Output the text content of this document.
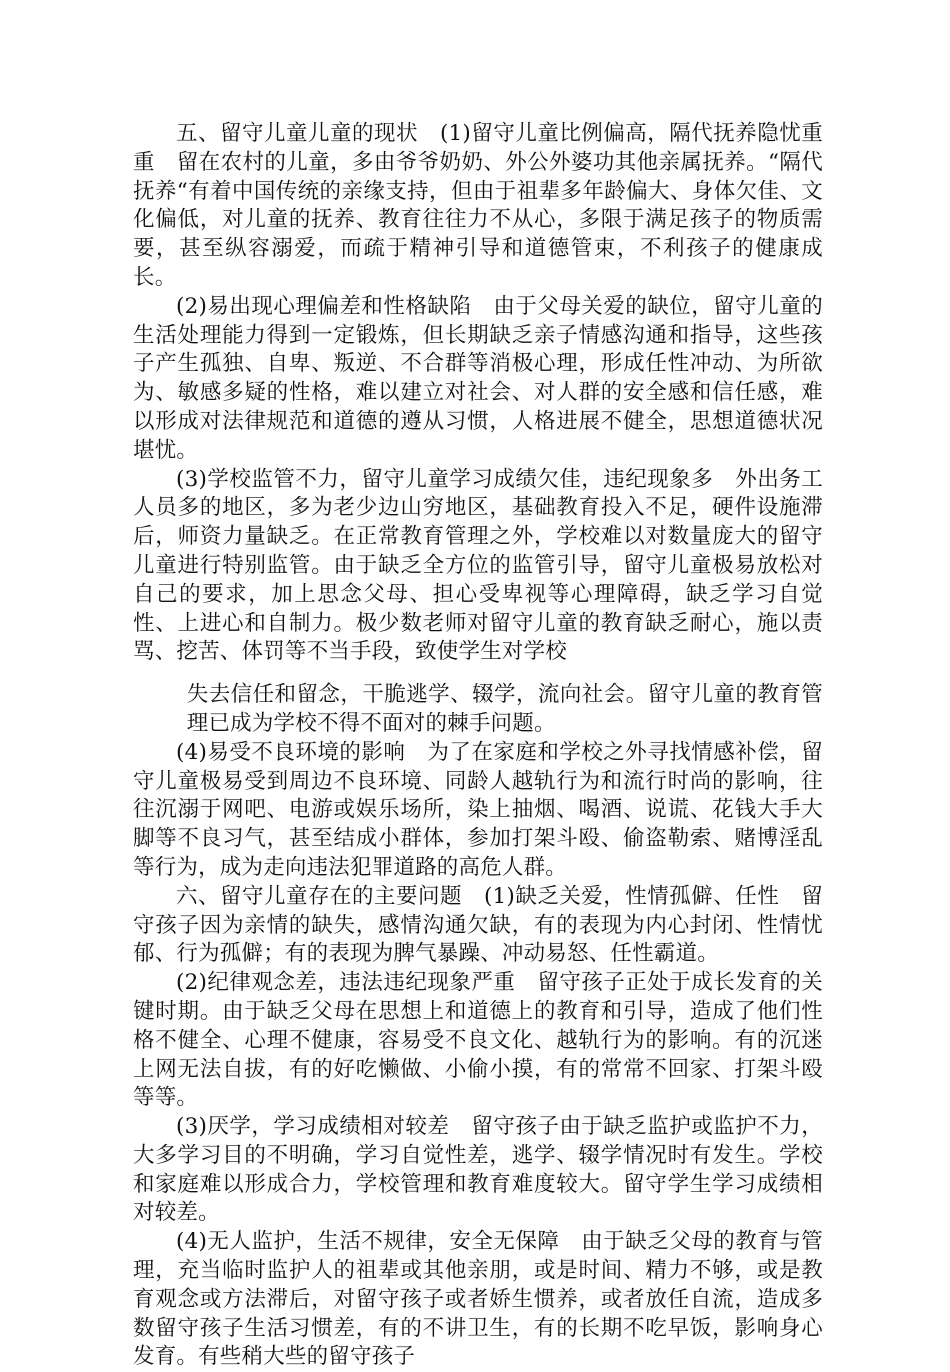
五、留守儿童儿童的现状　(1)留守儿童比例偏高，隔代抚养隐忧重重　留在农村的儿童，多由爷爷奶奶、外公外婆功其他亲属抚养。“隔代抚养“有着中国传统的亲缘支持，但由于祖辈多年龄偏大、身体欠佳、文化偏低，对儿童的抚养、教育往往力不从心，多限于满足孩子的物质需要，甚至纵容溺爱，而疏于精神引导和道德管束，不利孩子的健康成长。

(2)易出现心理偏差和性格缺陷　由于父母关爱的缺位，留守儿童的生活处理能力得到一定锻炼，但长期缺乏亲子情感沟通和指导，这些孩子产生孤独、自卑、叛逆、不合群等消极心理，形成任性冲动、为所欲为、敏感多疑的性格，难以建立对社会、对人群的安全感和信任感，难以形成对法律规范和道德的遵从习惯，人格进展不健全，思想道德状况堪忧。

(3)学校监管不力，留守儿童学习成绩欠佳，违纪现象多　外出务工人员多的地区，多为老少边山穷地区，基础教育投入不足，硬件设施滞后，师资力量缺乏。在正常教育管理之外，学校难以对数量庞大的留守儿童进行特别监管。由于缺乏全方位的监管引导，留守儿童极易放松对自己的要求，加上思念父母、担心受卑视等心理障碍，缺乏学习自觉性、上进心和自制力。极少数老师对留守儿童的教育缺乏耐心，施以责骂、挖苦、体罚等不当手段，致使学生对学校

失去信任和留念，干脆逃学、辍学，流向社会。留守儿童的教育管理已成为学校不得不面对的棘手问题。

(4)易受不良环境的影响　为了在家庭和学校之外寻找情感补偿，留守儿童极易受到周边不良环境、同龄人越轨行为和流行时尚的影响，往往沉溺于网吧、电游或娱乐场所，染上抽烟、喝酒、说谎、花钱大手大脚等不良习气，甚至结成小群体，参加打架斗殴、偷盗勒索、赌博淫乱等行为，成为走向违法犯罪道路的高危人群。

六、留守儿童存在的主要问题　(1)缺乏关爱，性情孤僻、任性　留守孩子因为亲情的缺失，感情沟通欠缺，有的表现为内心封闭、性情忧郁、行为孤僻；有的表现为脾气暴躁、冲动易怒、任性霸道。

(2)纪律观念差，违法违纪现象严重　留守孩子正处于成长发育的关键时期。由于缺乏父母在思想上和道德上的教育和引导，造成了他们性格不健全、心理不健康，容易受不良文化、越轨行为的影响。有的沉迷上网无法自拔，有的好吃懒做、小偷小摸，有的常常不回家、打架斗殴等等。

(3)厌学，学习成绩相对较差　留守孩子由于缺乏监护或监护不力，大多学习目的不明确，学习自觉性差，逃学、辍学情况时有发生。学校和家庭难以形成合力，学校管理和教育难度较大。留守学生学习成绩相对较差。

(4)无人监护，生活不规律，安全无保障　由于缺乏父母的教育与管理，充当临时监护人的祖辈或其他亲朋，或是时间、精力不够，或是教育观念或方法滞后，对留守孩子或者娇生惯养，或者放任自流，造成多数留守孩子生活习惯差，有的不讲卫生，有的长期不吃早饭，影响身心发育。有些稍大些的留守孩子
